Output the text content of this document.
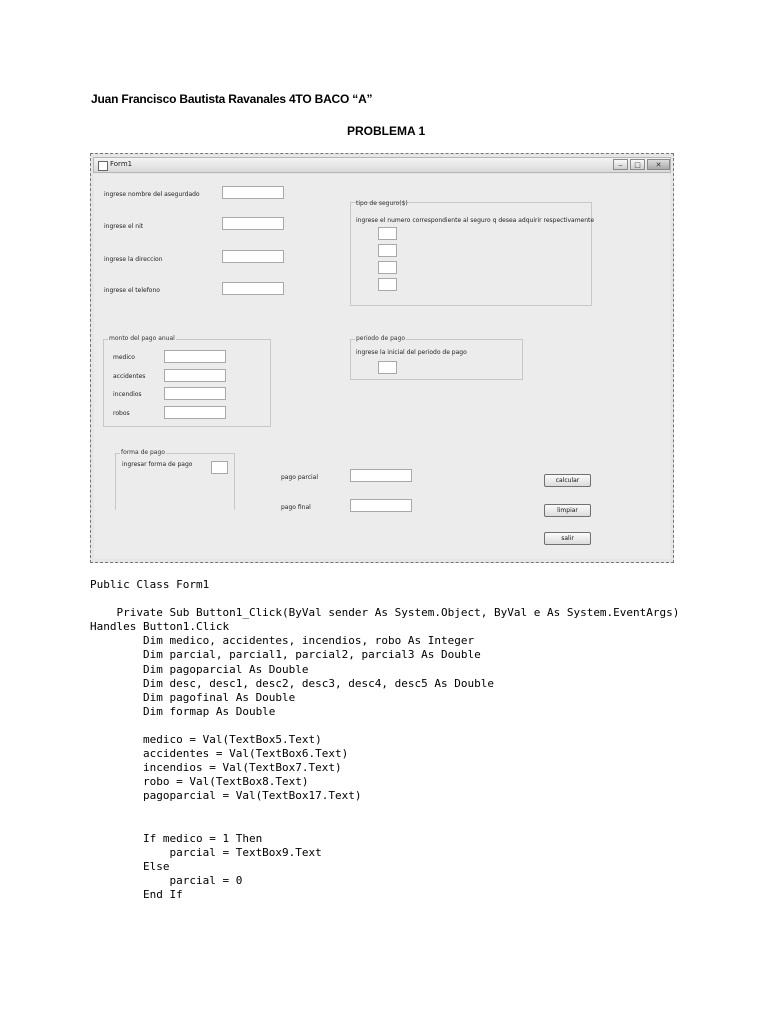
Juan Francisco Bautista Ravanales 4TO BACO “A”
PROBLEMA 1
Form1	‒	□	✕
ingrese nombre del asegurdado
ingrese el nit
ingrese la direccion
ingrese el telefono
tipo de seguro($)
ingrese el numero correspondiente al seguro q desea adquirir respectivamente
monto del pago anual
medico
accidentes
incendios
robos
periodo de pago
ingrese la inicial del periodo de pago
forma de pago
ingresar forma de pago
pago parcial
pago final
calcular
limpiar
salir
Public Class Form1

Private Sub Button1_Click(ByVal sender As System.Object, ByVal e As System.EventArgs)
Handles Button1.Click
Dim medico, accidentes, incendios, robo As Integer
Dim parcial, parcial1, parcial2, parcial3 As Double
Dim pagoparcial As Double
Dim desc, desc1, desc2, desc3, desc4, desc5 As Double
Dim pagofinal As Double
Dim formap As Double

medico = Val(TextBox5.Text)
accidentes = Val(TextBox6.Text)
incendios = Val(TextBox7.Text)
robo = Val(TextBox8.Text)
pagoparcial = Val(TextBox17.Text)

If medico = 1 Then
parcial = TextBox9.Text
Else
parcial = 0
End If
